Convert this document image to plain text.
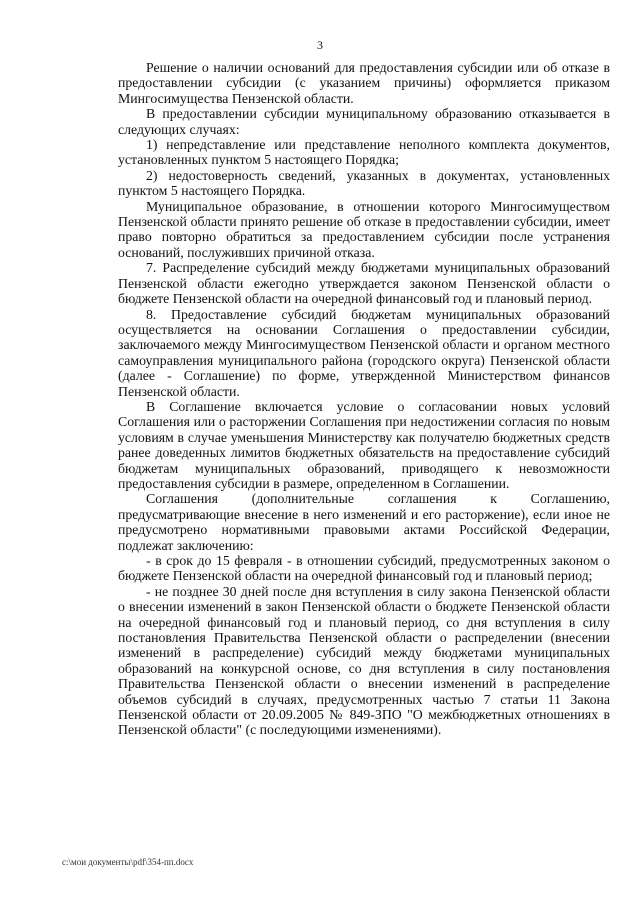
3

Решение о наличии оснований для предоставления субсидии или об отказе в предоставлении субсидии (с указанием причины) оформляется приказом Мингосимущества Пензенской области.

В предоставлении субсидии муниципальному образованию отказывается в следующих случаях:

1) непредставление или представление неполного комплекта документов, установленных пунктом 5 настоящего Порядка;

2) недостоверность сведений, указанных в документах, установленных пунктом 5 настоящего Порядка.

Муниципальное образование, в отношении которого Мингосимуществом Пензенской области принято решение об отказе в предоставлении субсидии, имеет право повторно обратиться за предоставлением субсидии после устранения оснований, послуживших причиной отказа.

7. Распределение субсидий между бюджетами муниципальных образований Пензенской области ежегодно утверждается законом Пензенской области о бюджете Пензенской области на очередной финансовый год и плановый период.

8. Предоставление субсидий бюджетам муниципальных образований осуществляется на основании Соглашения о предоставлении субсидии, заключаемого между Мингосимуществом Пензенской области и органом местного самоуправления муниципального района (городского округа) Пензенской области (далее - Соглашение) по форме, утвержденной Министерством финансов Пензенской области.

В Соглашение включается условие о согласовании новых условий Соглашения или о расторжении Соглашения при недостижении согласия по новым условиям в случае уменьшения Министерству как получателю бюджетных средств ранее доведенных лимитов бюджетных обязательств на предоставление субсидий бюджетам муниципальных образований, приводящего к невозможности предоставления субсидии в размере, определенном в Соглашении.

Соглашения (дополнительные соглашения к Соглашению, предусматривающие внесение в него изменений и его расторжение), если иное не предусмотрено нормативными правовыми актами Российской Федерации, подлежат заключению:

- в срок до 15 февраля - в отношении субсидий, предусмотренных законом о бюджете Пензенской области на очередной финансовый год и плановый период;

- не позднее 30 дней после дня вступления в силу закона Пензенской области о внесении изменений в закон Пензенской области о бюджете Пензенской области на очередной финансовый год и плановый период, со дня вступления в силу постановления Правительства Пензенской области о распределении (внесении изменений в распределение) субсидий между бюджетами муниципальных образований на конкурсной основе, со дня вступления в силу постановления Правительства Пензенской области о внесении изменений в распределение объемов субсидий в случаях, предусмотренных частью 7 статьи 11 Закона Пензенской области от 20.09.2005 № 849-ЗПО "О межбюджетных отношениях в Пензенской области" (с последующими изменениями).

c:\мои документы\pdf\354-пп.docx
